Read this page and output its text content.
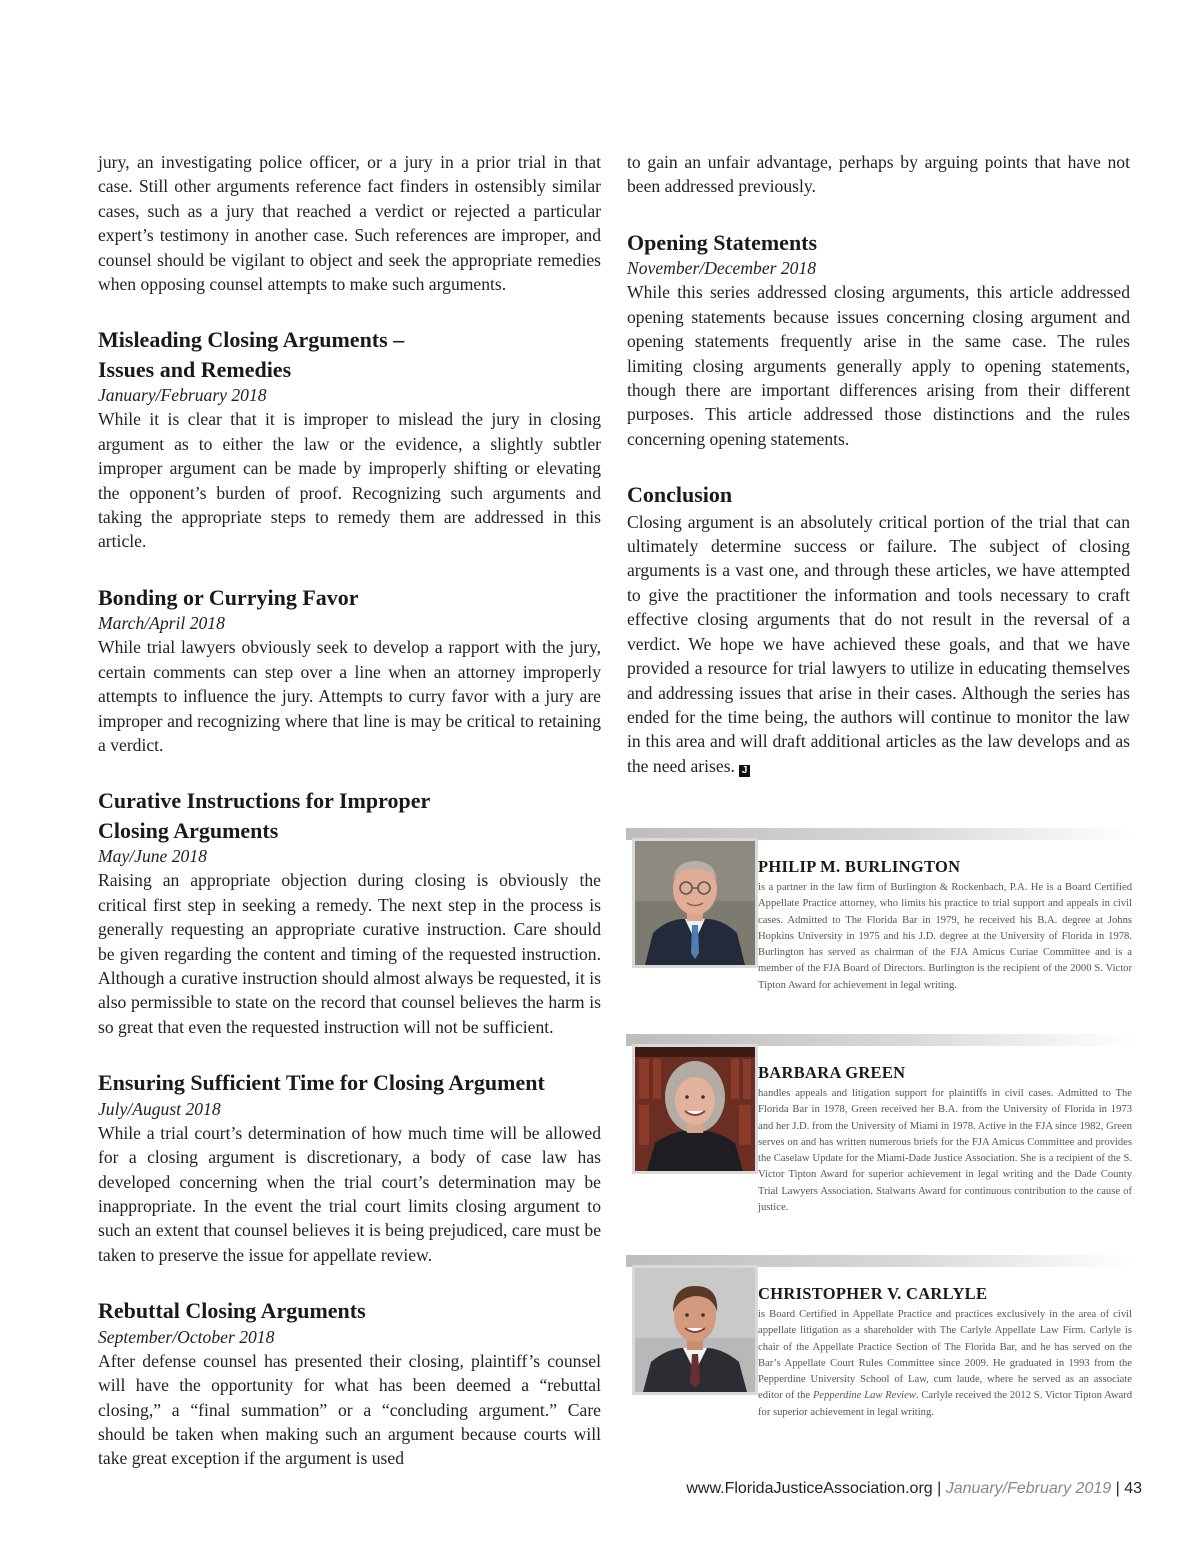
jury, an investigating police officer, or a jury in a prior trial in that case. Still other arguments reference fact finders in ostensibly similar cases, such as a jury that reached a verdict or rejected a particular expert’s testimony in another case. Such references are improper, and counsel should be vigilant to object and seek the appropriate remedies when opposing counsel attempts to make such arguments.

Misleading Closing Arguments –
Issues and Remedies
January/February 2018

While it is clear that it is improper to mislead the jury in closing argument as to either the law or the evidence, a slightly subtler improper argument can be made by improperly shifting or elevating the opponent’s burden of proof. Recognizing such arguments and taking the appropriate steps to remedy them are addressed in this article.

Bonding or Currying Favor
March/April 2018

While trial lawyers obviously seek to develop a rapport with the jury, certain comments can step over a line when an attorney improperly attempts to influence the jury. Attempts to curry favor with a jury are improper and recognizing where that line is may be critical to retaining a verdict.

Curative Instructions for Improper
Closing Arguments
May/June 2018

Raising an appropriate objection during closing is obviously the critical first step in seeking a remedy. The next step in the process is generally requesting an appropriate curative instruction. Care should be given regarding the content and timing of the requested instruction. Although a curative instruction should almost always be requested, it is also permissible to state on the record that counsel believes the harm is so great that even the requested instruction will not be sufficient.

Ensuring Sufficient Time for Closing Argument
July/August 2018

While a trial court’s determination of how much time will be allowed for a closing argument is discretionary, a body of case law has developed concerning when the trial court’s determination may be inappropriate. In the event the trial court limits closing argument to such an extent that counsel believes it is being prejudiced, care must be taken to preserve the issue for appellate review.

Rebuttal Closing Arguments
September/October 2018

After defense counsel has presented their closing, plaintiff’s counsel will have the opportunity for what has been deemed a “rebuttal closing,” a “final summation” or a “concluding argument.” Care should be taken when making such an argument because courts will take great exception if the argument is used

to gain an unfair advantage, perhaps by arguing points that have not been addressed previously.

Opening Statements
November/December 2018

While this series addressed closing arguments, this article addressed opening statements because issues concerning closing argument and opening statements frequently arise in the same case. The rules limiting closing arguments generally apply to opening statements, though there are important differences arising from their different purposes. This article addressed those distinctions and the rules concerning opening statements.

Conclusion

Closing argument is an absolutely critical portion of the trial that can ultimately determine success or failure. The subject of closing arguments is a vast one, and through these articles, we have attempted to give the practitioner the information and tools necessary to craft effective closing arguments that do not result in the reversal of a verdict. We hope we have achieved these goals, and that we have provided a resource for trial lawyers to utilize in educating themselves and addressing issues that arise in their cases. Although the series has ended for the time being, the authors will continue to monitor the law in this area and will draft additional articles as the law develops and as the need arises. J

PHILIP M. BURLINGTON
is a partner in the law firm of Burlington & Rockenbach, P.A. He is a Board Certified Appellate Practice attorney, who limits his practice to trial support and appeals in civil cases. Admitted to The Florida Bar in 1979, he received his B.A. degree at Johns Hopkins University in 1975 and his J.D. degree at the University of Florida in 1978. Burlington has served as chairman of the FJA Amicus Curiae Committee and is a member of the FJA Board of Directors. Burlington is the recipient of the 2000 S. Victor Tipton Award for achievement in legal writing.
BARBARA GREEN
handles appeals and litigation support for plaintiffs in civil cases. Admitted to The Florida Bar in 1978, Green received her B.A. from the University of Florida in 1973 and her J.D. from the University of Miami in 1978. Active in the FJA since 1982, Green serves on and has written numerous briefs for the FJA Amicus Committee and provides the Caselaw Update for the Miami-Dade Justice Association. She is a recipient of the S. Victor Tipton Award for superior achievement in legal writing and the Dade County Trial Lawyers Association. Stalwarts Award for continuous contribution to the cause of justice.
CHRISTOPHER V. CARLYLE
is Board Certified in Appellate Practice and practices exclusively in the area of civil appellate litigation as a shareholder with The Carlyle Appellate Law Firm. Carlyle is chair of the Appellate Practice Section of The Florida Bar, and he has served on the Bar’s Appellate Court Rules Committee since 2009. He graduated in 1993 from the Pepperdine University School of Law, cum laude, where he served as an associate editor of the Pepperdine Law Review. Carlyle received the 2012 S. Victor Tipton Award for superior achievement in legal writing.
www.FloridaJusticeAssociation.org | January/February 2019 | 43
